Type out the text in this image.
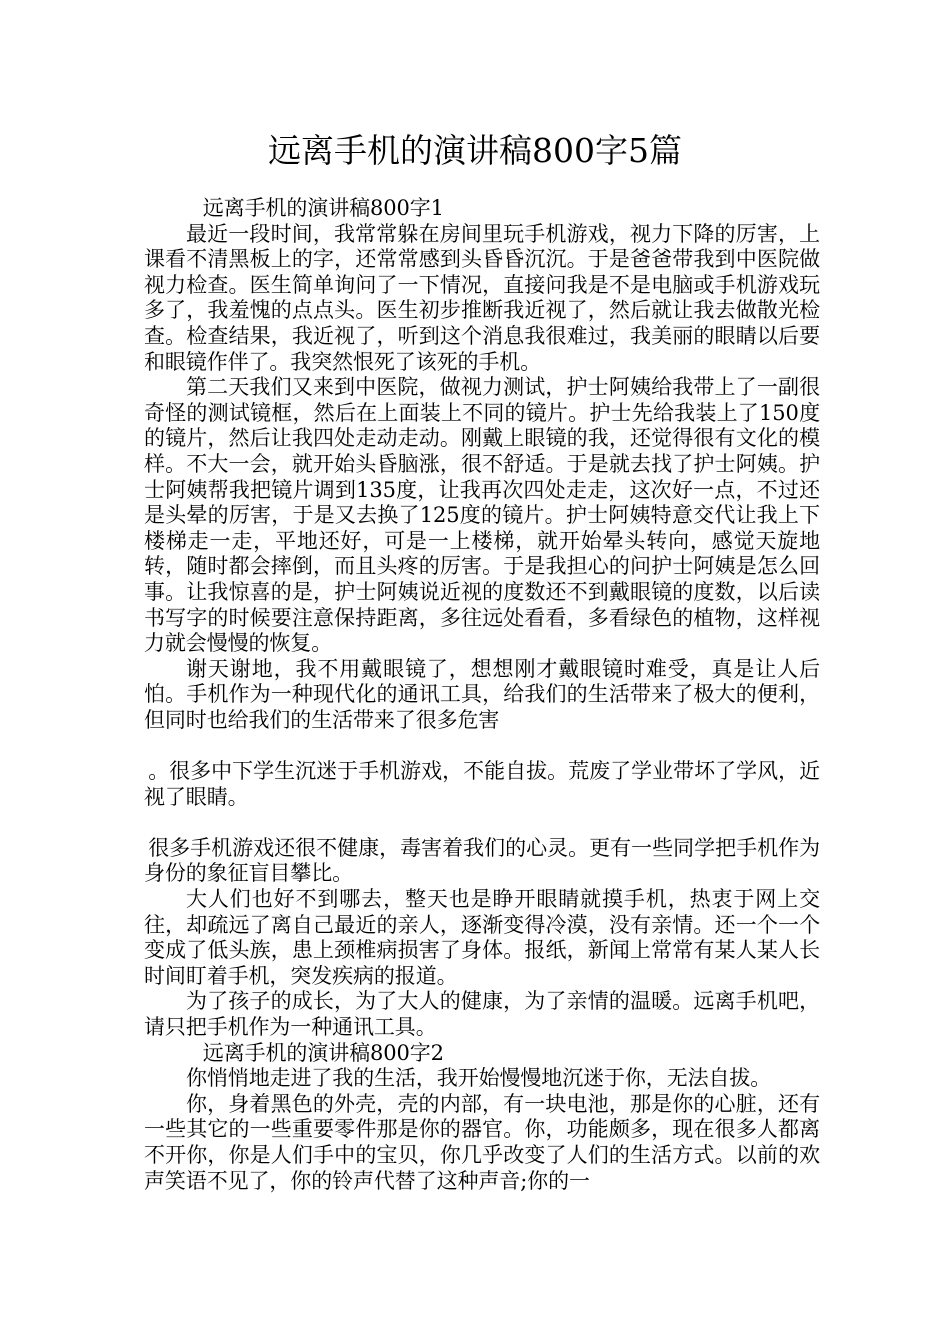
远离手机的演讲稿800字5篇

远离手机的演讲稿800字1

最近一段时间，我常常躲在房间里玩手机游戏，视力下降的厉害，上课看不清黑板上的字，还常常感到头昏昏沉沉。于是爸爸带我到中医院做视力检查。医生简单询问了一下情况，直接问我是不是电脑或手机游戏玩多了，我羞愧的点点头。医生初步推断我近视了，然后就让我去做散光检查。检查结果，我近视了，听到这个消息我很难过，我美丽的眼睛以后要和眼镜作伴了。我突然恨死了该死的手机。

第二天我们又来到中医院，做视力测试，护士阿姨给我带上了一副很奇怪的测试镜框，然后在上面装上不同的镜片。护士先给我装上了150度的镜片，然后让我四处走动走动。刚戴上眼镜的我，还觉得很有文化的模样。不大一会，就开始头昏脑涨，很不舒适。于是就去找了护士阿姨。护士阿姨帮我把镜片调到135度，让我再次四处走走，这次好一点，不过还是头晕的厉害，于是又去换了125度的镜片。护士阿姨特意交代让我上下楼梯走一走，平地还好，可是一上楼梯，就开始晕头转向，感觉天旋地转，随时都会摔倒，而且头疼的厉害。于是我担心的问护士阿姨是怎么回事。让我惊喜的是，护士阿姨说近视的度数还不到戴眼镜的度数，以后读书写字的时候要注意保持距离，多往远处看看，多看绿色的植物，这样视力就会慢慢的恢复。

谢天谢地，我不用戴眼镜了，想想刚才戴眼镜时难受，真是让人后怕。手机作为一种现代化的通讯工具，给我们的生活带来了极大的便利，但同时也给我们的生活带来了很多危害

。很多中下学生沉迷于手机游戏，不能自拔。荒废了学业带坏了学风，近视了眼睛。

很多手机游戏还很不健康，毒害着我们的心灵。更有一些同学把手机作为身份的象征盲目攀比。

大人们也好不到哪去，整天也是睁开眼睛就摸手机，热衷于网上交往，却疏远了离自己最近的亲人，逐渐变得冷漠，没有亲情。还一个一个变成了低头族，患上颈椎病损害了身体。报纸，新闻上常常有某人某人长时间盯着手机，突发疾病的报道。

为了孩子的成长，为了大人的健康，为了亲情的温暖。远离手机吧，请只把手机作为一种通讯工具。

远离手机的演讲稿800字2

你悄悄地走进了我的生活，我开始慢慢地沉迷于你，无法自拔。

你，身着黑色的外壳，壳的内部，有一块电池，那是你的心脏，还有一些其它的一些重要零件那是你的器官。你，功能颇多，现在很多人都离不开你，你是人们手中的宝贝，你几乎改变了人们的生活方式。以前的欢声笑语不见了，你的铃声代替了这种声音;你的一
